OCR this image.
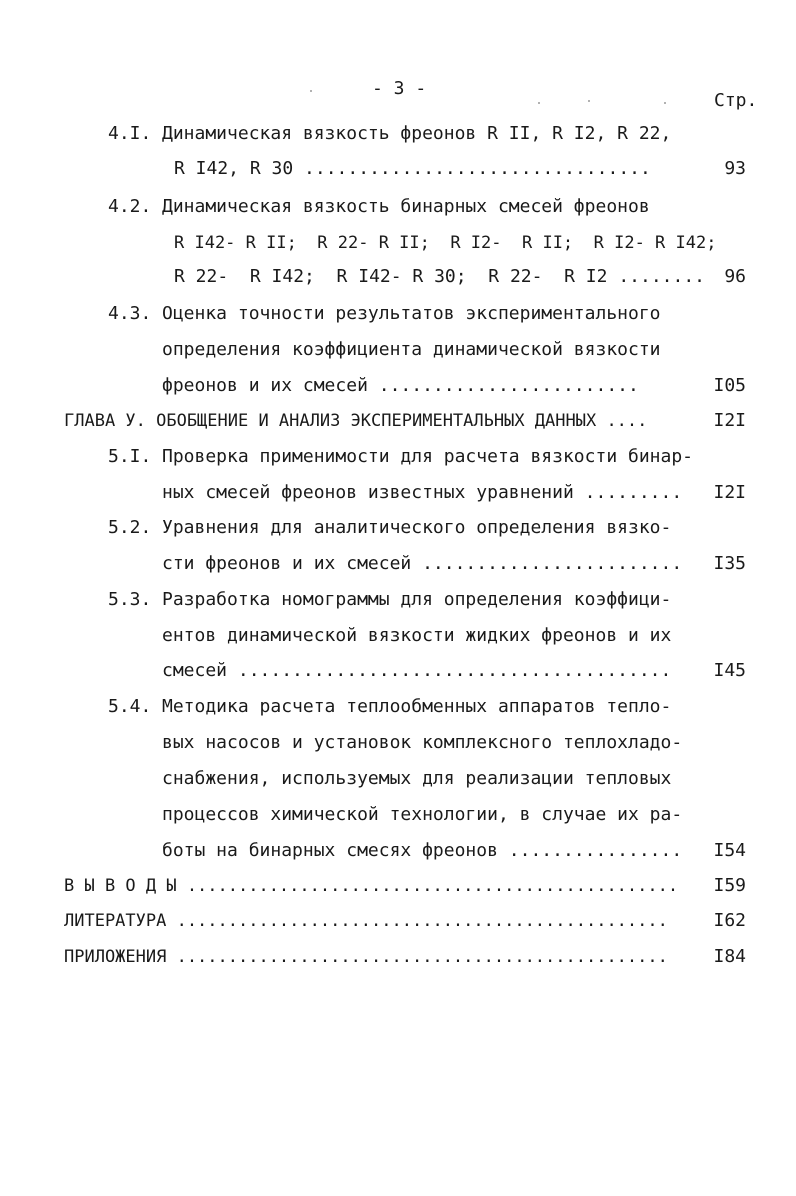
- 3 -
Стр.
4.I. Динамическая вязкость фреонов R II, R I2, R 22,
R I42, R 30 ................................	93
4.2. Динамическая вязкость бинарных смесей фреонов
R I42- R II;  R 22- R II;  R I2-  R II;  R I2- R I42;
R 22-  R I42;  R I42- R 30;  R 22-  R I2 ........ 96
4.3. Оценка точности результатов экспериментального
определения коэффициента динамической вязкости
фреонов и их смесей ........................	I05
ГЛАВА У. ОБОБЩЕНИЕ И АНАЛИЗ ЭКСПЕРИМЕНТАЛЬНЫХ ДАННЫХ ....	I2I
5.I. Проверка применимости для расчета вязкости бинар-
ных смесей фреонов известных уравнений ......... I2I
5.2. Уравнения для аналитического определения вязко-
сти фреонов и их смесей ........................ I35
5.3. Разработка номограммы для определения коэффици-
ентов динамической вязкости жидких фреонов и их
смесей ........................................ I45
5.4. Методика расчета теплообменных аппаратов тепло-
вых насосов и установок комплексного теплохладо-
снабжения, используемых для реализации тепловых
процессов химической технологии, в случае их ра-
боты на бинарных смесях фреонов ................ I54
В Ы В О Д Ы ................................................ I59
ЛИТЕРАТУРА ................................................	I62
ПРИЛОЖЕНИЯ ................................................	I84
